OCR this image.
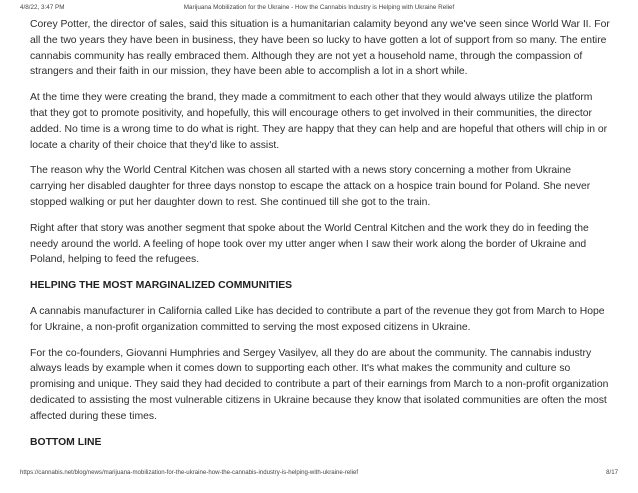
4/8/22, 3:47 PM	Marijuana Mobilization for the Ukraine - How the Cannabis Industry is Helping with Ukraine Relief

Corey Potter, the director of sales, said this situation is a humanitarian calamity beyond any we've seen since World War II. For all the two years they have been in business, they have been so lucky to have gotten a lot of support from so many. The entire cannabis community has really embraced them. Although they are not yet a household name, through the compassion of strangers and their faith in our mission, they have been able to accomplish a lot in a short while.

At the time they were creating the brand, they made a commitment to each other that they would always utilize the platform that they got to promote positivity, and hopefully, this will encourage others to get involved in their communities, the director added. No time is a wrong time to do what is right. They are happy that they can help and are hopeful that others will chip in or locate a charity of their choice that they'd like to assist.

The reason why the World Central Kitchen was chosen all started with a news story concerning a mother from Ukraine carrying her disabled daughter for three days nonstop to escape the attack on a hospice train bound for Poland. She never stopped walking or put her daughter down to rest. She continued till she got to the train.

Right after that story was another segment that spoke about the World Central Kitchen and the work they do in feeding the needy around the world. A feeling of hope took over my utter anger when I saw their work along the border of Ukraine and Poland, helping to feed the refugees.

HELPING THE MOST MARGINALIZED COMMUNITIES

A cannabis manufacturer in California called Like has decided to contribute a part of the revenue they got from March to Hope for Ukraine, a non-profit organization committed to serving the most exposed citizens in Ukraine.

For the co-founders, Giovanni Humphries and Sergey Vasilyev, all they do are about the community. The cannabis industry always leads by example when it comes down to supporting each other. It's what makes the community and culture so promising and unique. They said they had decided to contribute a part of their earnings from March to a non-profit organization dedicated to assisting the most vulnerable citizens in Ukraine because they know that isolated communities are often the most affected during these times.

BOTTOM LINE
https://cannabis.net/blog/news/marijuana-mobilization-for-the-ukraine-how-the-cannabis-industry-is-helping-with-ukraine-relief	8/17
